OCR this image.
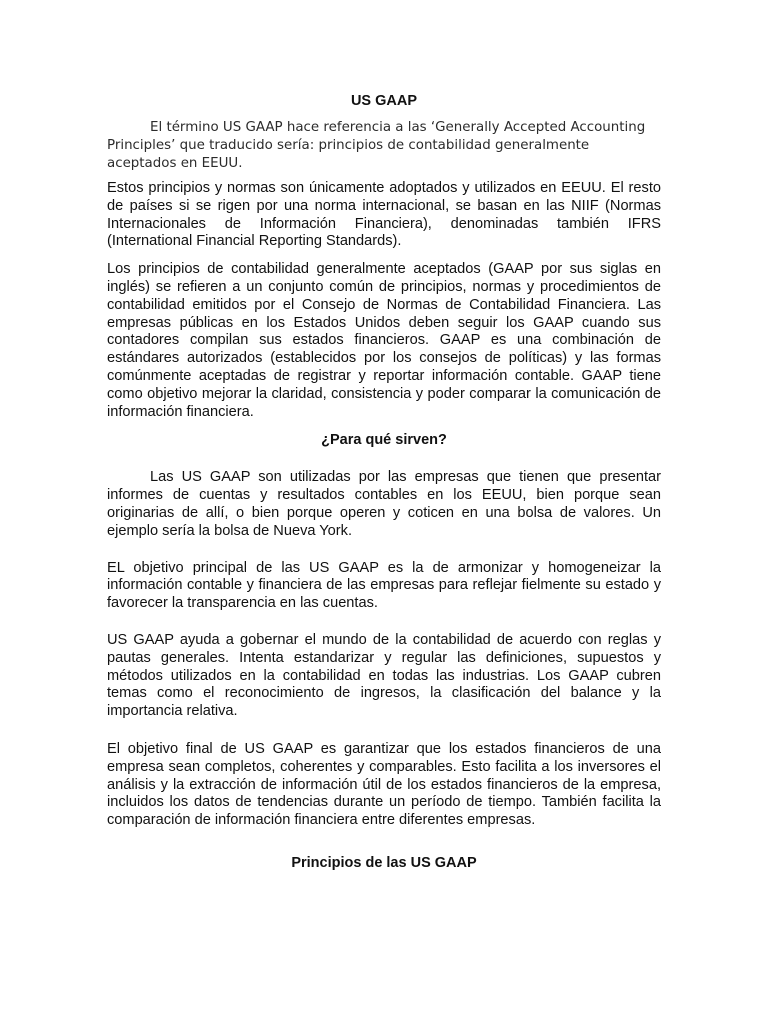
US GAAP

El término US GAAP hace referencia a las ‘Generally Accepted Accounting Principles’ que traducido sería: principios de contabilidad generalmente aceptados en EEUU.

Estos principios y normas son únicamente adoptados y utilizados en EEUU. El resto de países si se rigen por una norma internacional, se basan en las NIIF (Normas Internacionales de Información Financiera), denominadas también IFRS (International Financial Reporting Standards).

Los principios de contabilidad generalmente aceptados (GAAP por sus siglas en inglés) se refieren a un conjunto común de principios, normas y procedimientos de contabilidad emitidos por el Consejo de Normas de Contabilidad Financiera. Las empresas públicas en los Estados Unidos deben seguir los GAAP cuando sus contadores compilan sus estados financieros. GAAP es una combinación de estándares autorizados (establecidos por los consejos de políticas) y las formas comúnmente aceptadas de registrar y reportar información contable. GAAP tiene como objetivo mejorar la claridad, consistencia y poder comparar la comunicación de información financiera.

¿Para qué sirven?

Las US GAAP son utilizadas por las empresas que tienen que presentar informes de cuentas y resultados contables en los EEUU, bien porque sean originarias de allí, o bien porque operen y coticen en una bolsa de valores. Un ejemplo sería la bolsa de Nueva York.

EL objetivo principal de las US GAAP es la de armonizar y homogeneizar la información contable y financiera de las empresas para reflejar fielmente su estado y favorecer la transparencia en las cuentas.

US GAAP ayuda a gobernar el mundo de la contabilidad de acuerdo con reglas y pautas generales. Intenta estandarizar y regular las definiciones, supuestos y métodos utilizados en la contabilidad en todas las industrias. Los GAAP cubren temas como el reconocimiento de ingresos, la clasificación del balance y la importancia relativa.

El objetivo final de US GAAP es garantizar que los estados financieros de una empresa sean completos, coherentes y comparables. Esto facilita a los inversores el análisis y la extracción de información útil de los estados financieros de la empresa, incluidos los datos de tendencias durante un período de tiempo. También facilita la comparación de información financiera entre diferentes empresas.

Principios de las US GAAP
